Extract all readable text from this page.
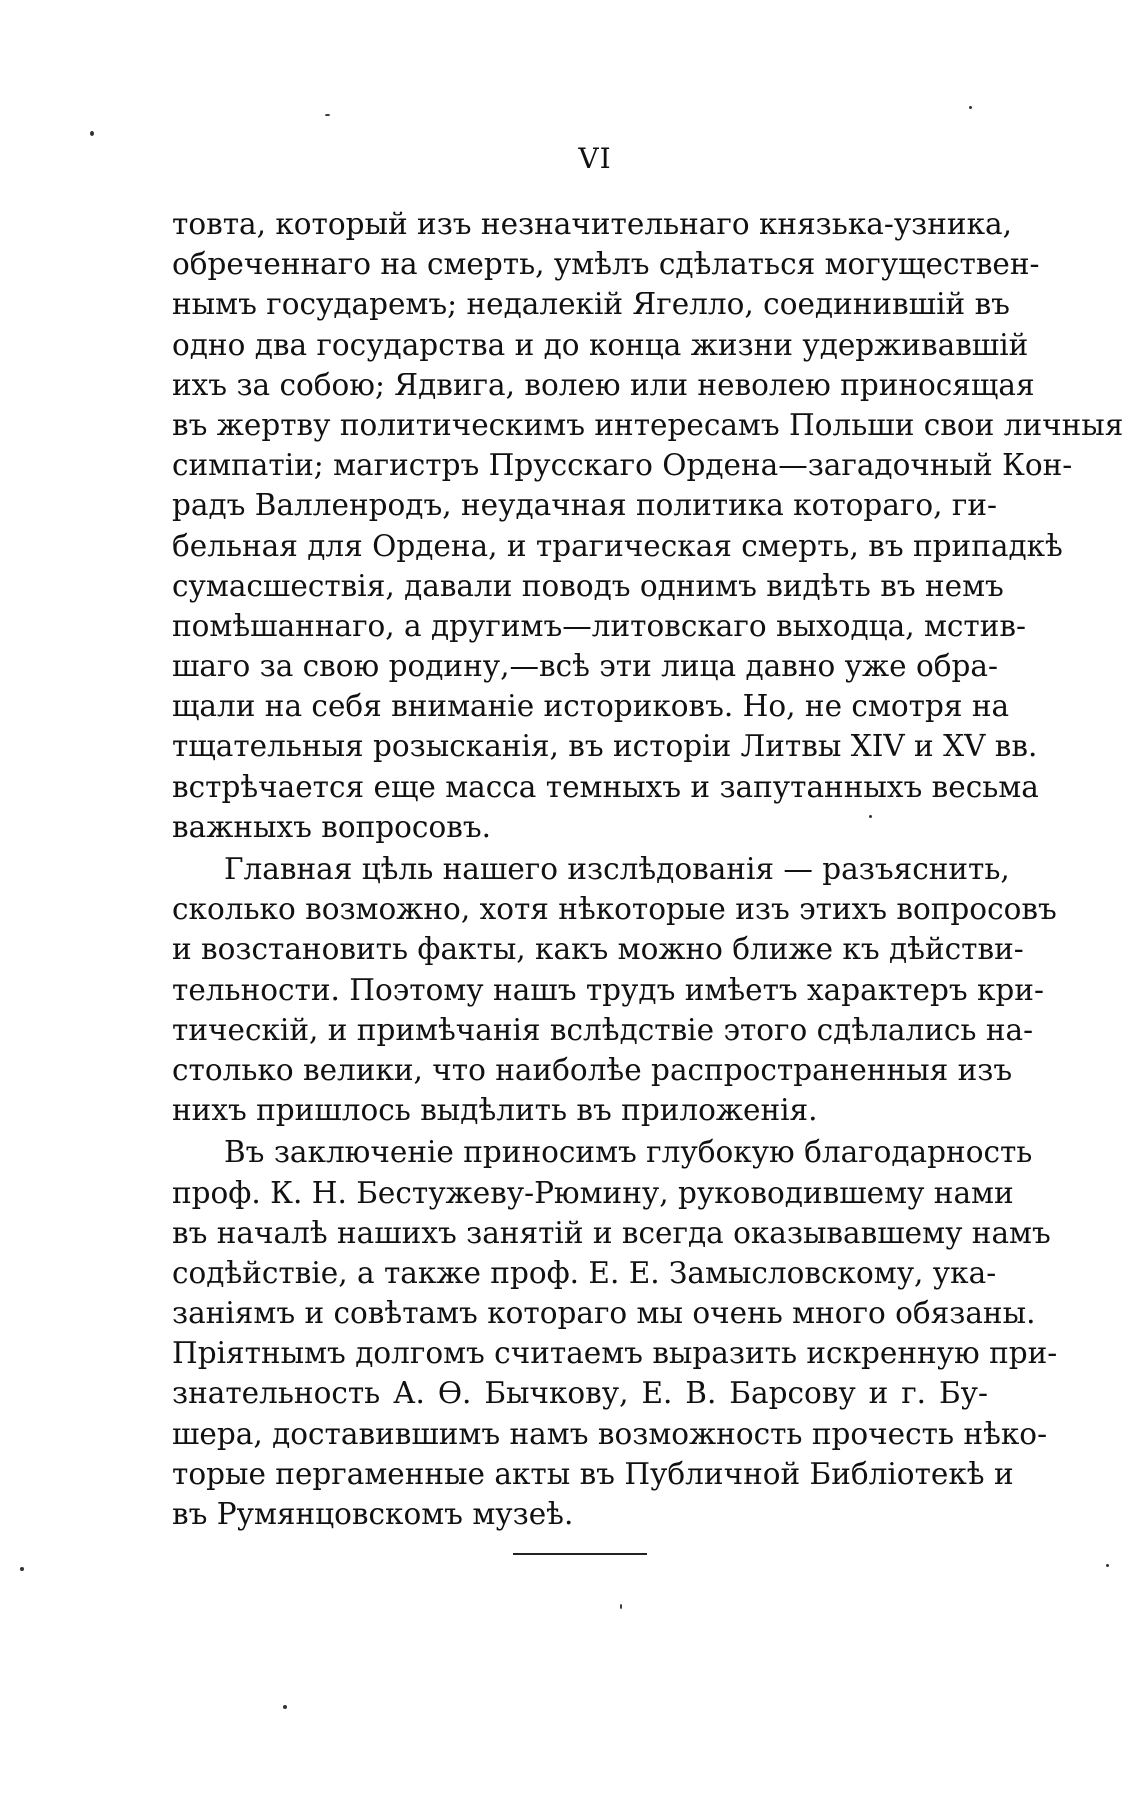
VI
товта, который изъ незначительнаго князька-узника,
обреченнаго на смерть, умѣлъ сдѣлаться могуществен-
нымъ государемъ; недалекій Ягелло, соединившій въ
одно два государства и до конца жизни удерживавшій
ихъ за собою; Ядвига, волею или неволею приносящая
въ жертву политическимъ интересамъ Польши свои личныя
симпатіи; магистръ Прусскаго Ордена—загадочный Кон-
радъ Валленродъ, неудачная политика котораго, ги-
бельная для Ордена, и трагическая смерть, въ припадкѣ
сумасшествія, давали поводъ однимъ видѣть въ немъ
помѣшаннаго, а другимъ—литовскаго выходца, мстив-
шаго за свою родину,—всѣ эти лица давно уже обра-
щали на себя вниманіе историковъ. Но, не смотря на
тщательныя розысканія, въ исторіи Литвы XIV и XV вв.
встрѣчается еще масса темныхъ и запутанныхъ весьма
важныхъ вопросовъ.
Главная цѣль нашего изслѣдованія — разъяснить,
сколько возможно, хотя нѣкоторые изъ этихъ вопросовъ
и возстановить факты, какъ можно ближе къ дѣйстви-
тельности. Поэтому нашъ трудъ имѣетъ характеръ кри-
тическій, и примѣчанія вслѣдствіе этого сдѣлались на-
столько велики, что наиболѣе распространенныя изъ
нихъ пришлось выдѣлить въ приложенія.
Въ заключеніе приносимъ глубокую благодарность
проф. К. Н. Бестужеву-Рюмину, руководившему нами
въ началѣ нашихъ занятій и всегда оказывавшему намъ
содѣйствіе, а также проф. Е. Е. Замысловскому, ука-
заніямъ и совѣтамъ котораго мы очень много обязаны.
Пріятнымъ долгомъ считаемъ выразить искренную при-
знательность А. Ѳ. Бычкову, Е. В. Барсову и г. Бу-
шера, доставившимъ намъ возможность прочесть нѣко-
торые пергаменные акты въ Публичной Библіотекѣ и
въ Румянцовскомъ музеѣ.
